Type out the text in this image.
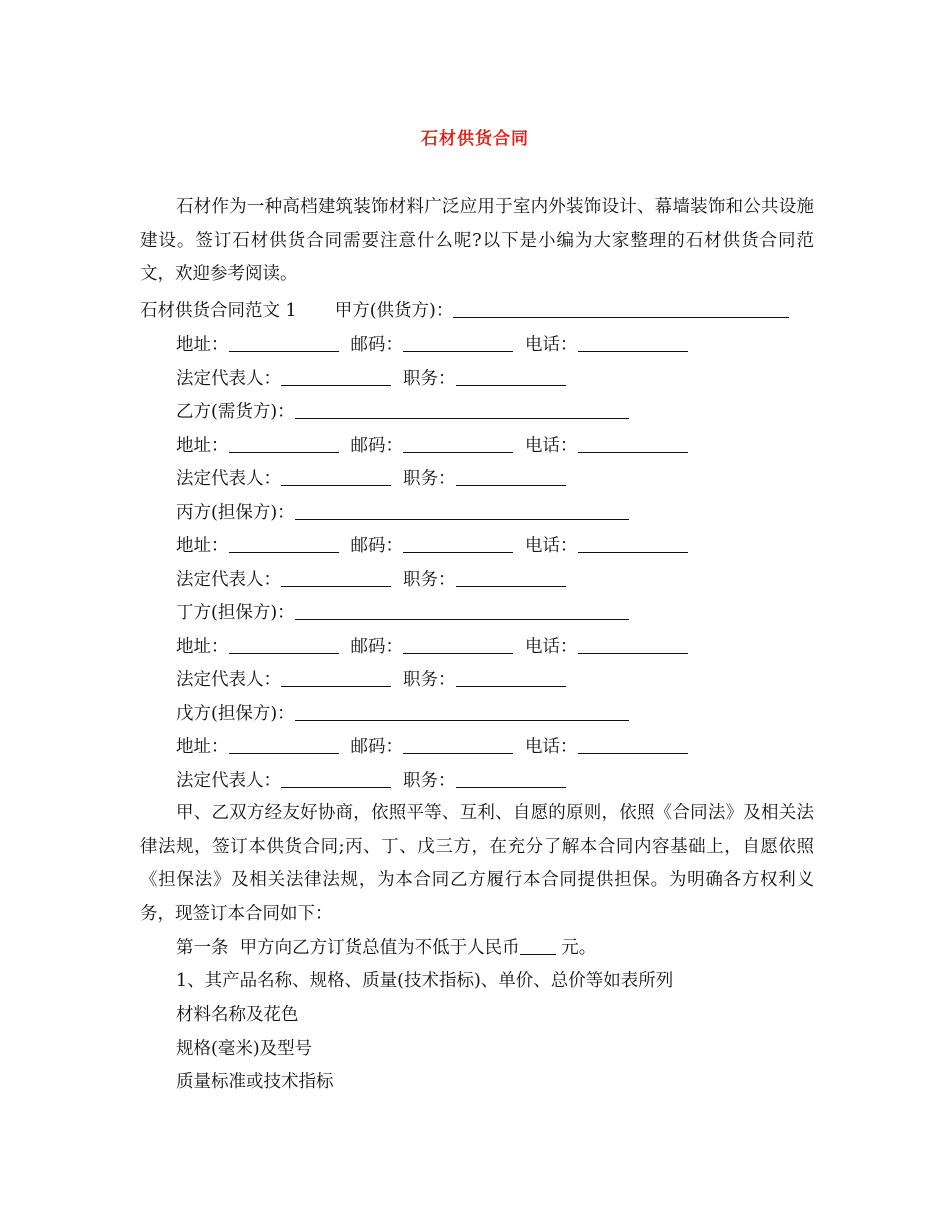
石材供货合同

石材作为一种高档建筑装饰材料广泛应用于室内外装饰设计、幕墙装饰和公共设施建设。签订石材供货合同需要注意什么呢?以下是小编为大家整理的石材供货合同范文，欢迎参考阅读。

石材供货合同范文 1 甲方(供货方)：
地址：	邮码：	电话：
法定代表人：	职务：
乙方(需货方)：
地址：	邮码：	电话：
法定代表人：	职务：
丙方(担保方)：
地址：	邮码：	电话：
法定代表人：	职务：
丁方(担保方)：
地址：	邮码：	电话：
法定代表人：	职务：
戊方(担保方)：
地址：	邮码：	电话：
法定代表人：	职务：

甲、乙双方经友好协商，依照平等、互利、自愿的原则，依照《合同法》及相关法律法规，签订本供货合同;丙、丁、戊三方，在充分了解本合同内容基础上，自愿依照《担保法》及相关法律法规，为本合同乙方履行本合同提供担保。为明确各方权利义务，现签订本合同如下：

第一条  甲方向乙方订货总值为不低于人民币 元。
1、其产品名称、规格、质量(技术指标)、单价、总价等如表所列
材料名称及花色
规格(毫米)及型号
质量标准或技术指标
